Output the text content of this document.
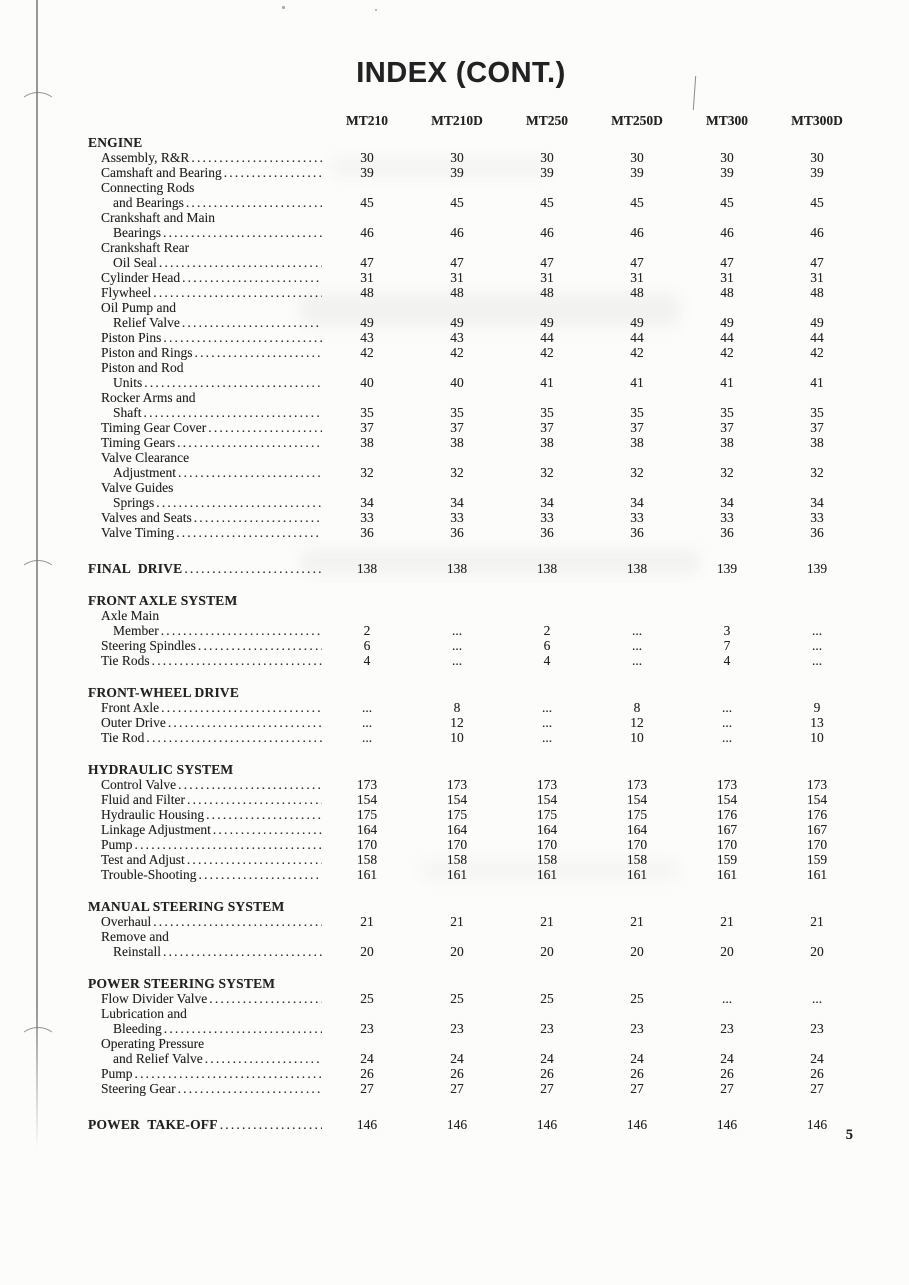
INDEX (CONT.)
MT210	MT210D	MT250	MT250D	MT300	MT300D
ENGINE
Assembly, R&R .....	30	30	30	30	30	30
Camshaft and Bearing .....	39	39	39	39	39	39
Connecting Rods
and Bearings .....	45	45	45	45	45	45
Crankshaft and Main
Bearings .....	46	46	46	46	46	46
Crankshaft Rear
Oil Seal .....	47	47	47	47	47	47
Cylinder Head .....	31	31	31	31	31	31
Flywheel .....	48	48	48	48	48	48
Oil Pump and
Relief Valve .....	49	49	49	49	49	49
Piston Pins .....	43	43	44	44	44	44
Piston and Rings .....	42	42	42	42	42	42
Piston and Rod
Units .....	40	40	41	41	41	41
Rocker Arms and
Shaft .....	35	35	35	35	35	35
Timing Gear Cover .....	37	37	37	37	37	37
Timing Gears .....	38	38	38	38	38	38
Valve Clearance
Adjustment .....	32	32	32	32	32	32
Valve Guides
Springs .....	34	34	34	34	34	34
Valves and Seats .....	33	33	33	33	33	33
Valve Timing .....	36	36	36	36	36	36
FINAL DRIVE .....	138	138	138	138	139	139
FRONT AXLE SYSTEM
Axle Main
Member .....	2	...	2	...	3	...
Steering Spindles .....	6	...	6	...	7	...
Tie Rods .....	4	...	4	...	4	...
FRONT-WHEEL DRIVE
Front Axle .....	...	8	...	8	...	9
Outer Drive .....	...	12	...	12	...	13
Tie Rod .....	...	10	...	10	...	10
HYDRAULIC SYSTEM
Control Valve .....	173	173	173	173	173	173
Fluid and Filter .....	154	154	154	154	154	154
Hydraulic Housing .....	175	175	175	175	176	176
Linkage Adjustment .....	164	164	164	164	167	167
Pump .....	170	170	170	170	170	170
Test and Adjust .....	158	158	158	158	159	159
Trouble-Shooting .....	161	161	161	161	161	161
MANUAL STEERING SYSTEM
Overhaul .....	21	21	21	21	21	21
Remove and
Reinstall .....	20	20	20	20	20	20
POWER STEERING SYSTEM
Flow Divider Valve .....	25	25	25	25	...	...
Lubrication and
Bleeding .....	23	23	23	23	23	23
Operating Pressure
and Relief Valve .....	24	24	24	24	24	24
Pump .....	26	26	26	26	26	26
Steering Gear .....	27	27	27	27	27	27
POWER TAKE-OFF .....	146	146	146	146	146	146
5
